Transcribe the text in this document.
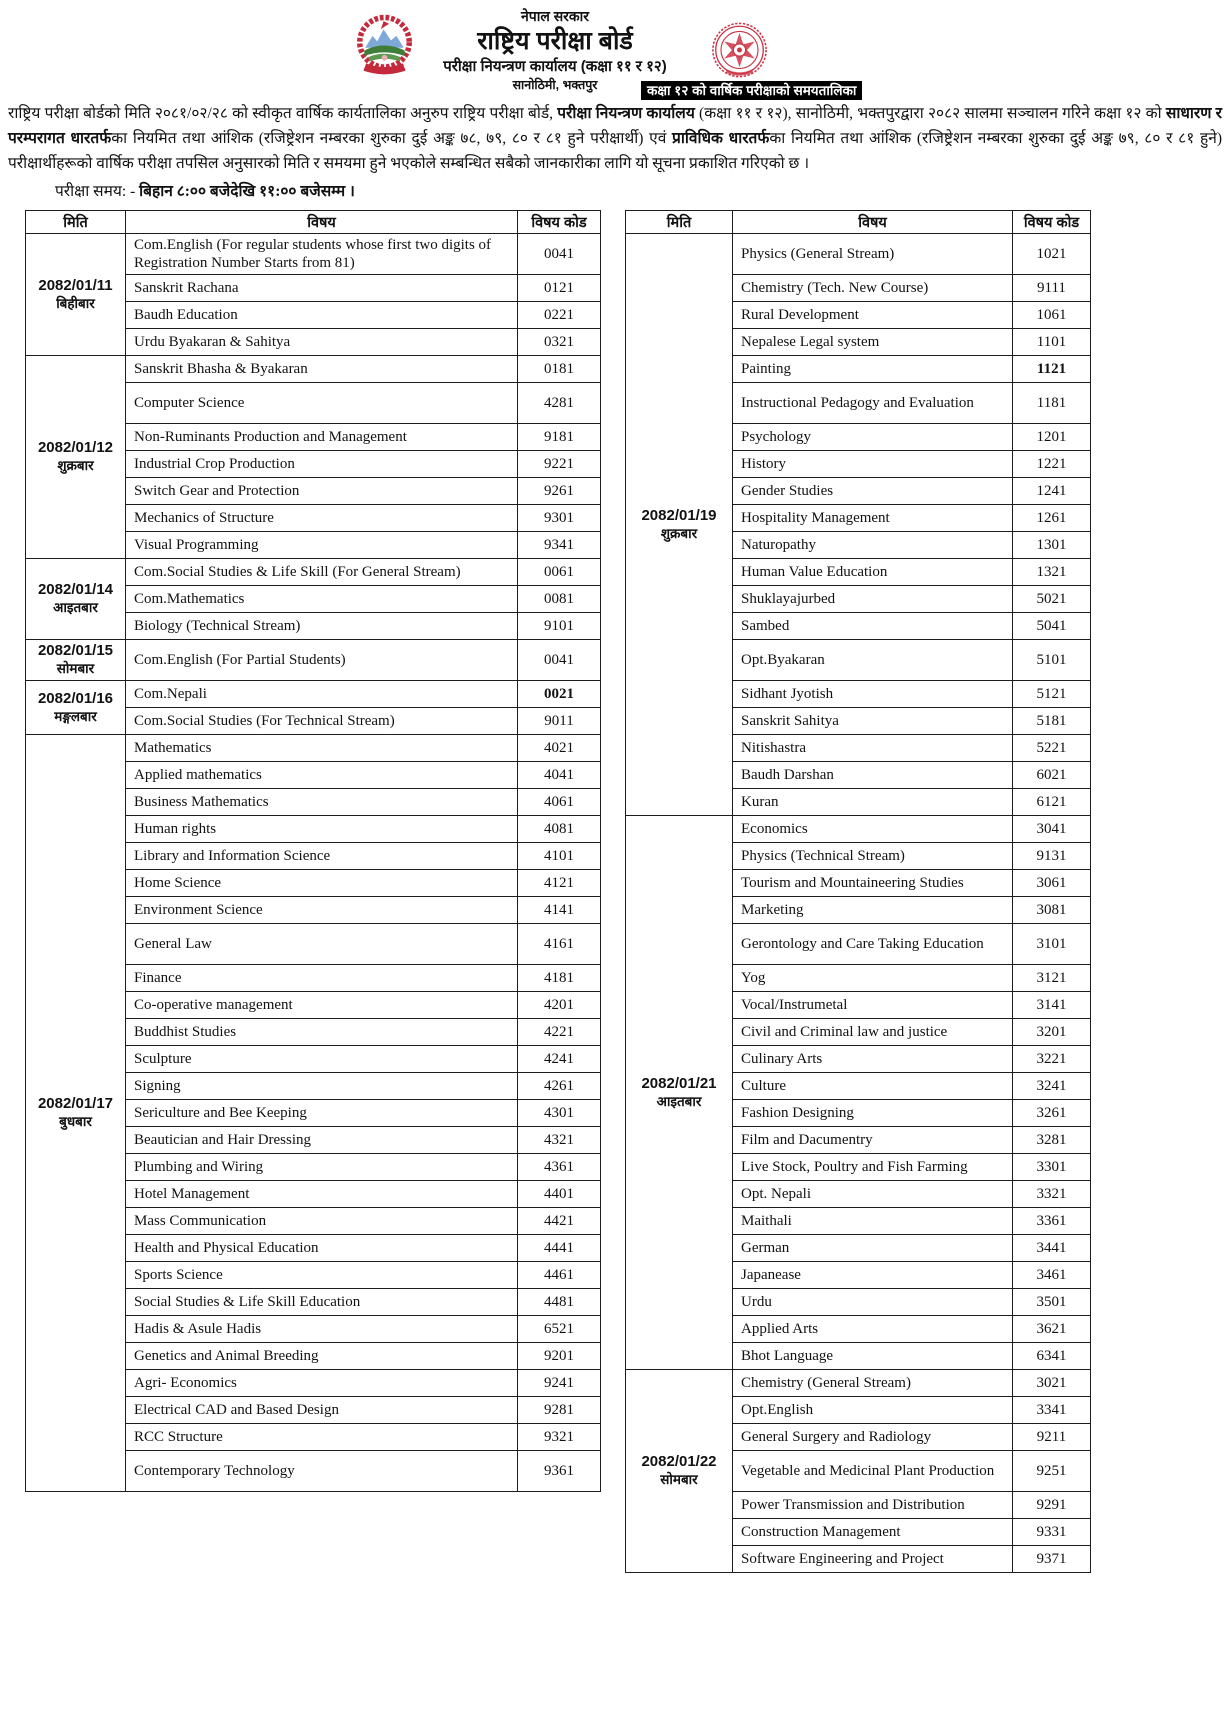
नेपाल सरकार
राष्ट्रिय परीक्षा बोर्ड
परीक्षा नियन्त्रण कार्यालय (कक्षा ११ र १२)
सानोठिमी, भक्तपुर	कक्षा १२ को वार्षिक परीक्षाको समयतालिका
राष्ट्रिय परीक्षा बोर्डको मिति २०८१/०२/२८ को स्वीकृत वार्षिक कार्यतालिका अनुरुप राष्ट्रिय परीक्षा बोर्ड, परीक्षा नियन्त्रण कार्यालय (कक्षा ११ र १२), सानोठिमी, भक्तपुरद्वारा २०८२ सालमा सञ्चालन गरिने कक्षा १२ को साधारण र परम्परागत धारतर्फका नियमित तथा आंशिक (रजिष्ट्रेशन नम्बरका शुरुका दुई अङ्क ७८, ७९, ८० र ८१ हुने परीक्षार्थी) एवं प्राविधिक धारतर्फका नियमित तथा आंशिक (रजिष्ट्रेशन नम्बरका शुरुका दुई अङ्क ७९, ८० र ८१ हुने) परीक्षार्थीहरूको वार्षिक परीक्षा तपसिल अनुसारको मिति र समयमा हुने भएकोले सम्बन्धित सबैको जानकारीका लागि यो सूचना प्रकाशित गरिएको छ ।
परीक्षा समय: - बिहान ८:०० बजेदेखि ११:०० बजेसम्म ।
मिति	विषय	विषय कोड

2082/01/11
बिहीबार	Com.English (For regular students whose first two digits of Registration Number Starts from 81)	0041
	Sanskrit Rachana	0121
	Baudh Education	0221
	Urdu Byakaran & Sahitya	0321

2082/01/12
शुक्रबार	Sanskrit Bhasha & Byakaran	0181
	Computer Science	4281
	Non-Ruminants Production and Management	9181
	Industrial Crop Production	9221
	Switch Gear and Protection	9261
	Mechanics of Structure	9301
	Visual Programming	9341

2082/01/14
आइतबार	Com.Social Studies & Life Skill (For General Stream)	0061
	Com.Mathematics	0081
	Biology (Technical Stream)	9101

2082/01/15
सोमबार	Com.English (For Partial Students)	0041

2082/01/16
मङ्गलबार	Com.Nepali	0021
	Com.Social Studies (For Technical Stream)	9011

2082/01/17
बुधबार	Mathematics	4021
	Applied mathematics	4041
	Business Mathematics	4061
	Human rights	4081
	Library and Information Science	4101
	Home Science	4121
	Environment Science	4141
	General Law	4161
	Finance	4181
	Co-operative management	4201
	Buddhist Studies	4221
	Sculpture	4241
	Signing	4261
	Sericulture and Bee Keeping	4301
	Beautician and Hair Dressing	4321
	Plumbing and Wiring	4361
	Hotel Management	4401
	Mass Communication	4421
	Health and Physical Education	4441
	Sports Science	4461
	Social Studies & Life Skill Education	4481
	Hadis & Asule Hadis	6521
	Genetics and Animal Breeding	9201
	Agri- Economics	9241
	Electrical CAD and Based Design	9281
	RCC Structure	9321
	Contemporary Technology	9361
मिति	विषय	विषय कोड

2082/01/19
शुक्रबार	Physics (General Stream)	1021
	Chemistry (Tech. New Course)	9111
	Rural Development	1061
	Nepalese Legal system	1101
	Painting	1121
	Instructional Pedagogy and Evaluation	1181
	Psychology	1201
	History	1221
	Gender Studies	1241
	Hospitality Management	1261
	Naturopathy	1301
	Human Value Education	1321
	Shuklayajurbed	5021
	Sambed	5041
	Opt.Byakaran	5101
	Sidhant Jyotish	5121
	Sanskrit Sahitya	5181
	Nitishastra	5221
	Baudh Darshan	6021
	Kuran	6121

2082/01/21
आइतबार	Economics	3041
	Physics (Technical Stream)	9131
	Tourism and Mountaineering Studies	3061
	Marketing	3081
	Gerontology and Care Taking Education	3101
	Yog	3121
	Vocal/Instrumetal	3141
	Civil and Criminal law and justice	3201
	Culinary Arts	3221
	Culture	3241
	Fashion Designing	3261
	Film and Dacumentry	3281
	Live Stock, Poultry and Fish Farming	3301
	Opt. Nepali	3321
	Maithali	3361
	German	3441
	Japanease	3461
	Urdu	3501
	Applied Arts	3621
	Bhot Language	6341

2082/01/22
सोमबार	Chemistry (General Stream)	3021
	Opt.English	3341
	General Surgery and Radiology	9211
	Vegetable and Medicinal Plant Production	9251
	Power Transmission and Distribution	9291
	Construction Management	9331
	Software Engineering and Project	9371
